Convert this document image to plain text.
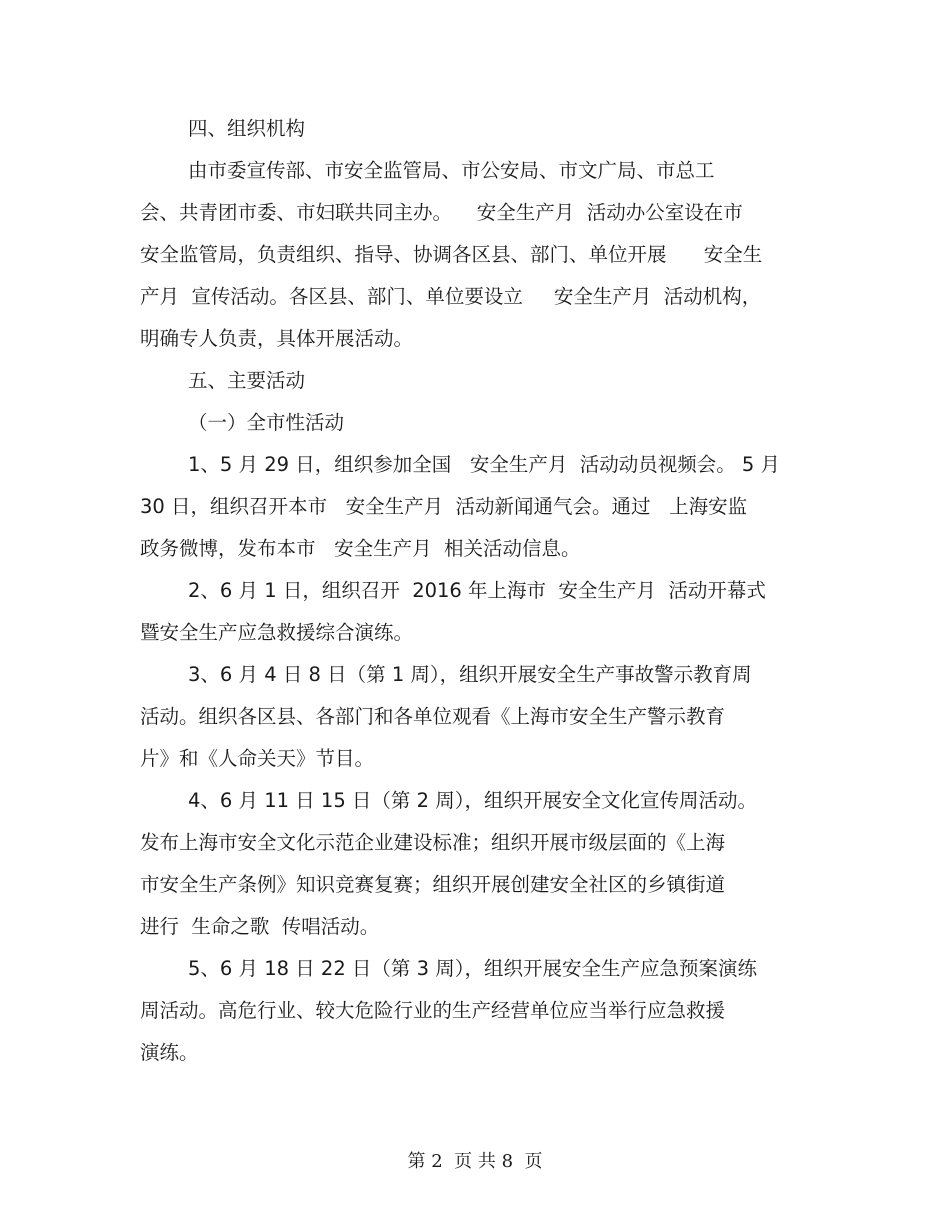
四、组织机构
由市委宣传部、市安全监管局、市公安局、市文广局、市总工
会、共青团市委、市妇联共同主办。    安全生产月  活动办公室设在市
安全监管局，负责组织、指导、协调各区县、部门、单位开展      安全生
产月  宣传活动。各区县、部门、单位要设立     安全生产月  活动机构，
明确专人负责，具体开展活动。
五、主要活动
（一）全市性活动
1、5 月 29 日，组织参加全国   安全生产月  活动动员视频会。 5 月
30 日，组织召开本市   安全生产月  活动新闻通气会。通过   上海安监
政务微博，发布本市   安全生产月  相关活动信息。
2、6 月 1 日，组织召开  2016 年上海市  安全生产月  活动开幕式
暨安全生产应急救援综合演练。
3、6 月 4 日 8 日（第 1 周），组织开展安全生产事故警示教育周
活动。组织各区县、各部门和各单位观看《上海市安全生产警示教育
片》和《人命关天》节目。
4、6 月 11 日 15 日（第 2 周），组织开展安全文化宣传周活动。
发布上海市安全文化示范企业建设标准；组织开展市级层面的《上海
市安全生产条例》知识竞赛复赛；组织开展创建安全社区的乡镇街道
进行  生命之歌  传唱活动。
5、6 月 18 日 22 日（第 3 周），组织开展安全生产应急预案演练
周活动。高危行业、较大危险行业的生产经营单位应当举行应急救援
演练。
第 2  页 共 8  页
